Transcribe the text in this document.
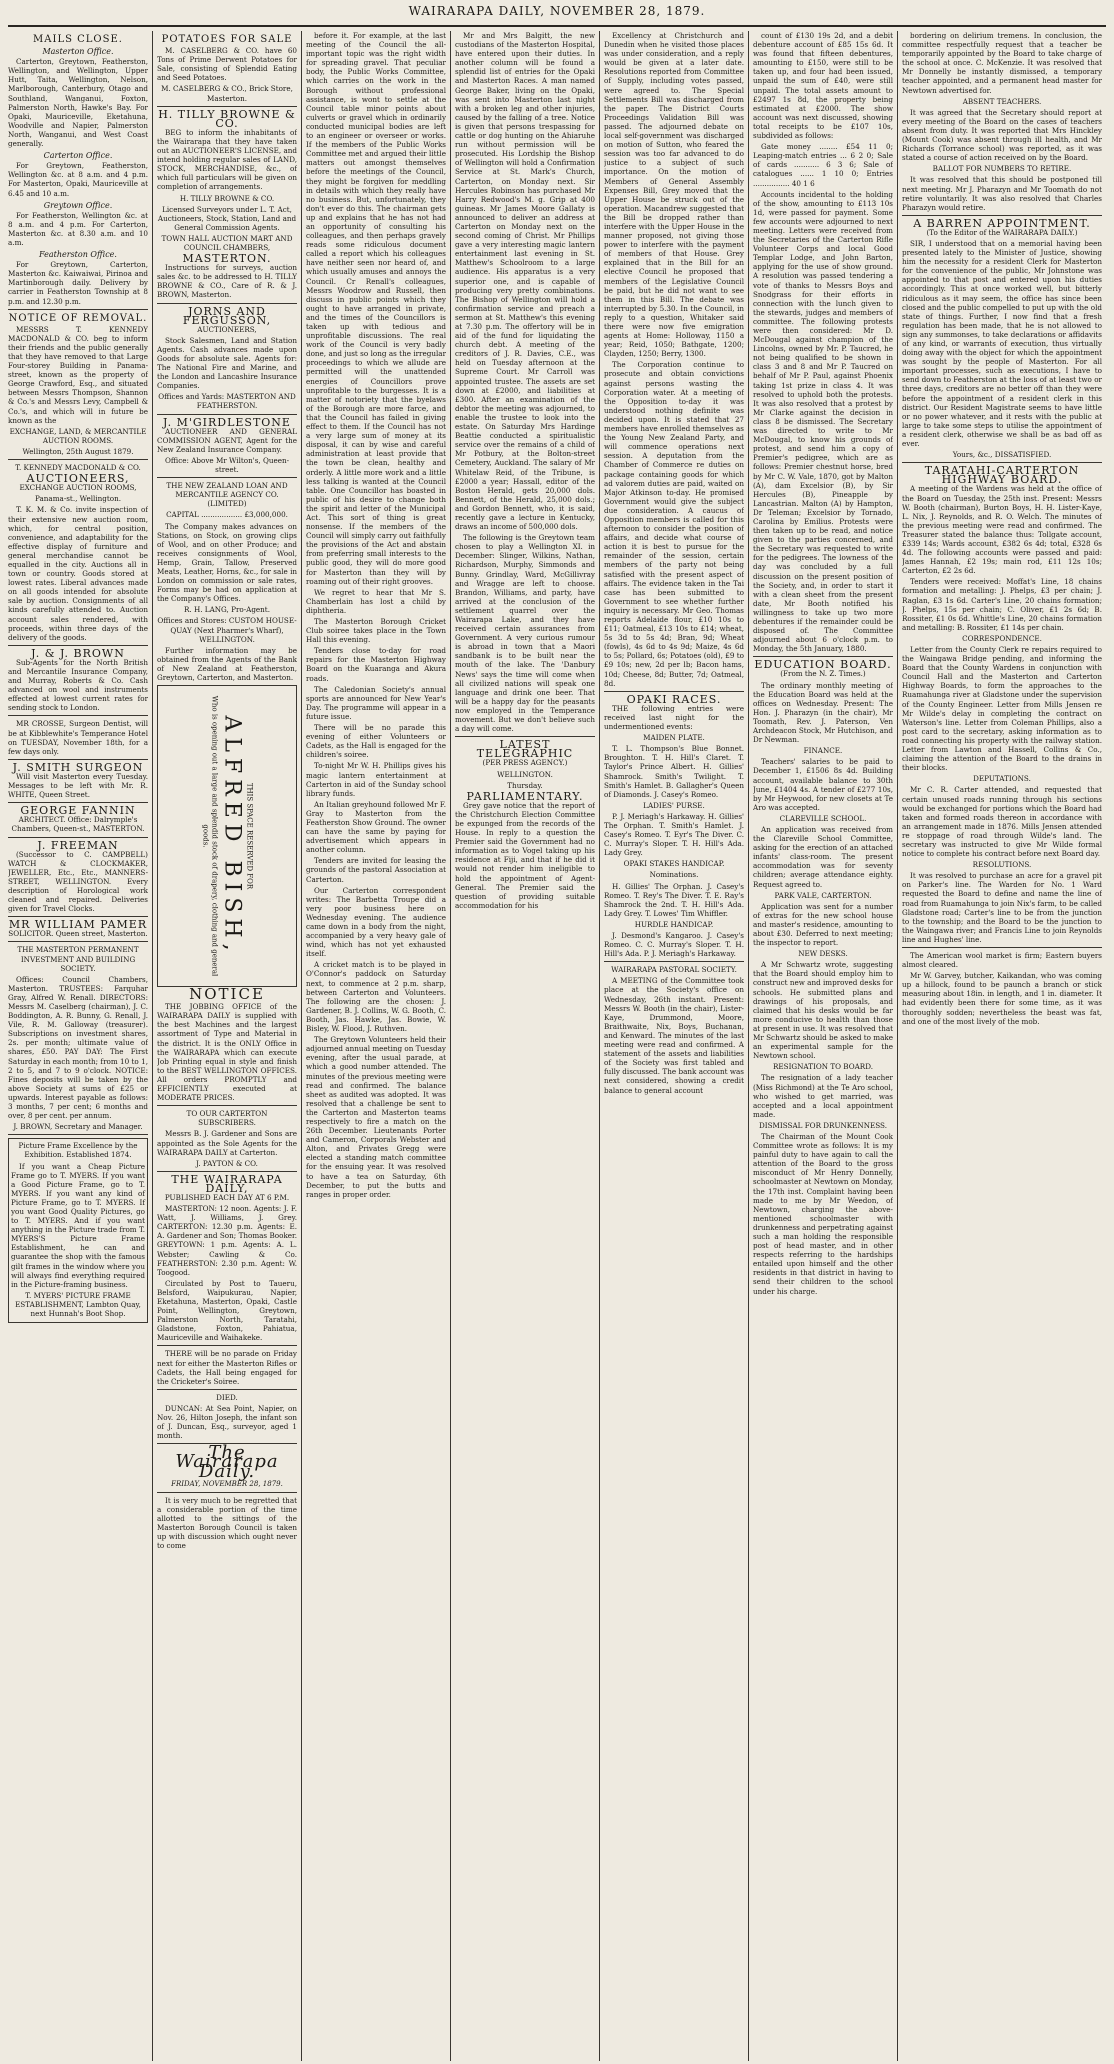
WAIRARAPA DAILY, NOVEMBER 28, 1879.
MAILS CLOSE.
Masterton Office.

Carterton, Greytown, Featherston, Wellington, and Wellington, Upper Hutt, Taita, Wellington, Nelson, Marlborough, Canterbury, Otago and Southland, Wanganui, Foxton, Palmerston North, Hawke's Bay. For Opaki, Mauriceville, Eketahuna, Woodville and Napier, Palmerston North, Wanganui, and West Coast generally.

Carterton Office.

For Greytown, Featherston, Wellington &c. at 8 a.m. and 4 p.m. For Masterton, Opaki, Mauriceville at 6.45 and 10 a.m.

Greytown Office.

For Featherston, Wellington &c. at 8 a.m. and 4 p.m. For Carterton, Masterton &c. at 8.30 a.m. and 10 a.m.

Featherston Office.

For Greytown, Carterton, Masterton &c. Kaiwaiwai, Pirinoa and Martinborough daily. Delivery by carrier in Featherston Township at 8 p.m. and 12.30 p.m.

NOTICE OF REMOVAL.

MESSRS T. KENNEDY MACDONALD & CO. beg to inform their friends and the public generally that they have removed to that Large Four-storey Building in Panama-street, known as the property of George Crawford, Esq., and situated between Messrs Thompson, Shannon & Co.'s and Messrs Levy, Campbell & Co.'s, and which will in future be known as the

EXCHANGE, LAND, & MERCANTILE AUCTION ROOMS.

Wellington, 25th August 1879.

T. KENNEDY MACDONALD & CO.

AUCTIONEERS,

EXCHANGE AUCTION ROOMS,

Panama-st., Wellington.

T. K. M. & Co. invite inspection of their extensive new auction room, which, for central position, convenience, and adaptability for the effective display of furniture and general merchandise cannot be equalled in the city. Auctions all in town or country. Goods stored at lowest rates. Liberal advances made on all goods intended for absolute sale by auction. Consignments of all kinds carefully attended to. Auction account sales rendered, with proceeds, within three days of the delivery of the goods.

J. & J. BROWN

Sub-Agents for the North British and Mercantile Insurance Company, and Murray, Roberts & Co. Cash advanced on wool and instruments effected at lowest current rates for sending stock to London.

MR CROSSE, Surgeon Dentist, will be at Kibblewhite's Temperance Hotel on TUESDAY, November 18th, for a few days only.

J. SMITH SURGEON

Will visit Masterton every Tuesday. Messages to be left with Mr. R. WHITE, Queen Street.

GEORGE FANNIN

ARCHITECT. Office: Dalrymple's Chambers, Queen-st., MASTERTON.

J. FREEMAN

(Successor to C. CAMPBELL) WATCH & CLOCKMAKER, JEWELLER, Etc., Etc., MANNERS-STREET, WELLINGTON. Every description of Horological work cleaned and repaired. Deliveries given for Travel Clocks.

MR WILLIAM PAMER

SOLICITOR. Queen street, Masterton.

THE MASTERTON PERMANENT INVESTMENT AND BUILDING SOCIETY.

Offices: Council Chambers, Masterton. TRUSTEES: Farquhar Gray, Alfred W. Renall. DIRECTORS: Messrs M. Caselberg (chairman), J. C. Boddington, A. R. Bunny, G. Renall, J. Vile, R. M. Galloway (treasurer). Subscriptions on investment shares, 2s. per month; ultimate value of shares, £50. PAY DAY: The First Saturday in each month; from 10 to 1, 2 to 5, and 7 to 9 o'clock. NOTICE: Fines deposits will be taken by the above Society at sums of £25 or upwards. Interest payable as follows: 3 months, 7 per cent; 6 months and over, 8 per cent. per annum.

J. BROWN, Secretary and Manager.

Picture Frame Excellence by the Exhibition. Established 1874.

If you want a Cheap Picture Frame go to T. MYERS. If you want a Good Picture Frame, go to T. MYERS. If you want any kind of Picture Frame, go to T. MYERS. If you want Good Quality Pictures, go to T. MYERS. And if you want anything in the Picture trade from T. MYERS'S Picture Frame Establishment, he can and guarantee the shop with the famous gilt frames in the window where you will always find everything required in the Picture-framing business.

T. MYERS' PICTURE FRAME ESTABLISHMENT, Lambton Quay, next Hunnah's Boot Shop.

POTATOES FOR SALE

M. CASELBERG & CO. have 60 Tons of Prime Derwent Potatoes for Sale, consisting of Splendid Eating and Seed Potatoes.

M. CASELBERG & CO., Brick Store, Masterton.

H. TILLY BROWNE & CO.

BEG to inform the inhabitants of the Wairarapa that they have taken out an AUCTIONEER'S LICENSE, and intend holding regular sales of LAND, STOCK, MERCHANDISE, &c., of which full particulars will be given on completion of arrangements.

H. TILLY BROWNE & CO.

Licensed Surveyors under L. T. Act, Auctioneers, Stock, Station, Land and General Commission Agents.

TOWN HALL AUCTION MART AND COUNCIL CHAMBERS,

MASTERTON.

Instructions for surveys, auction sales &c. to be addressed to H. TILLY BROWNE & CO., Care of R. & J. BROWN, Masterton.

JORNS AND FERGUSSON,

AUCTIONEERS,

Stock Salesmen, Land and Station Agents. Cash advances made upon Goods for absolute sale. Agents for: The National Fire and Marine, and the London and Lancashire Insurance Companies.

Offices and Yards: MASTERTON AND FEATHERSTON.

J. M'GIRDLESTONE

AUCTIONEER AND GENERAL COMMISSION AGENT, Agent for the New Zealand Insurance Company.

Office: Above Mr Wilton's, Queen-street.

THE NEW ZEALAND LOAN AND MERCANTILE AGENCY CO. (LIMITED)

CAPITAL .................. £3,000,000.

The Company makes advances on Stations, on Stock, on growing clips of Wool, and on other Produce; and receives consignments of Wool, Hemp, Grain, Tallow, Preserved Meats, Leather, Horns, &c., for sale in London on commission or sale rates, Forms may be had on application at the Company's Offices.

R. H. LANG, Pro-Agent.

Offices and Stores: CUSTOM HOUSE-QUAY (Next Pharmer's Wharf), WELLINGTON.

Further information may be obtained from the Agents of the Bank of New Zealand at Featherston, Greytown, Carterton, and Masterton.

THIS SPACE RESERVED FOR
ALFRED BISH,
Who is opening out a large and splendid stock of drapery, clothing and general goods.
NOTICE

THE JOBBING OFFICE of the WAIRARAPA DAILY is supplied with the best Machines and the largest assortment of Type and Material in the district. It is the ONLY Office in the WAIRARAPA which can execute Job Printing equal in style and finish to the BEST WELLINGTON OFFICES. All orders PROMPTLY and EFFICIENTLY executed at MODERATE PRICES.

TO OUR CARTERTON SUBSCRIBERS.

Messrs B. J. Gardener and Sons are appointed as the Sole Agents for the WAIRARAPA DAILY at Carterton.

J. PAYTON & CO.

THE WAIRARAPA DAILY,

PUBLISHED EACH DAY AT 6 P.M.

MASTERTON: 12 noon. Agents: J. F. Watt, J. Williams, J. Grey. CARTERTON: 12.30 p.m. Agents: E. A. Gardener and Son; Thomas Booker. GREYTOWN: 1 p.m. Agents: A. L. Webster; Cawling & Co. FEATHERSTON: 2.30 p.m. Agent: W. Toogood.

Circulated by Post to Taueru, Belsford, Waipukurau, Napier, Eketahuna, Masterton, Opaki, Castle Point, Wellington, Greytown, Palmerston North, Taratahi, Gladstone, Foxton, Pahiatua, Mauriceville and Waihakeke.

THERE will be no parade on Friday next for either the Masterton Rifles or Cadets, the Hall being engaged for the Cricketer's Soiree.

DIED.

DUNCAN: At Sea Point, Napier, on Nov. 26, Hilton Joseph, the infant son of J. Duncan, Esq., surveyor, aged 1 month.

The Wairarapa Daily.
FRIDAY, NOVEMBER 28, 1879.

It is very much to be regretted that a considerable portion of the time allotted to the sittings of the Masterton Borough Council is taken up with discussion which ought never to come

before it. For example, at the last meeting of the Council the all-important topic was the right width for spreading gravel. That peculiar body, the Public Works Committee, which carries on the work in the Borough without professional assistance, is wont to settle at the Council table minor points about culverts or gravel which in ordinarily conducted municipal bodies are left to an engineer or overseer or works. If the members of the Public Works Committee met and argued their little matters out amongst themselves before the meetings of the Council, they might be forgiven for meddling in details with which they really have no business. But, unfortunately, they don't ever do this. The chairman gets up and explains that he has not had an opportunity of consulting his colleagues, and then perhaps gravely reads some ridiculous document called a report which his colleagues have neither seen nor heard of, and which usually amuses and annoys the Council. Cr Renall's colleagues, Messrs Woodrow and Russell, then discuss in public points which they ought to have arranged in private, and the times of the Councillors is taken up with tedious and unprofitable discussions. The real work of the Council is very badly done, and just so long as the irregular proceedings to which we allude are permitted will the unattended energies of Councillors prove unprofitable to the burgesses. It is a matter of notoriety that the byelaws of the Borough are more farce, and that the Council has failed in giving effect to them. If the Council has not a very large sum of money at its disposal, it can by wise and careful administration at least provide that the town be clean, healthy and orderly. A little more work and a little less talking is wanted at the Council table. One Councillor has boasted in public of his desire to change both the spirit and letter of the Municipal Act. This sort of thing is great nonsense. If the members of the Council will simply carry out faithfully the provisions of the Act and abstain from preferring small interests to the public good, they will do more good for Masterton than they will by roaming out of their right grooves.

We regret to hear that Mr S. Chamberlain has lost a child by diphtheria.

The Masterton Borough Cricket Club soiree takes place in the Town Hall this evening.

Tenders close to-day for road repairs for the Masterton Highway Board on the Kuaranga and Akura roads.

The Caledonian Society's annual sports are announced for New Year's Day. The programme will appear in a future issue.

There will be no parade this evening of either Volunteers or Cadets, as the Hall is engaged for the children's soiree.

To-night Mr W. H. Phillips gives his magic lantern entertainment at Carterton in aid of the Sunday school library funds.

An Italian greyhound followed Mr F. Gray to Masterton from the Featherston Show Ground. The owner can have the same by paying for advertisement which appears in another column.

Tenders are invited for leasing the grounds of the pastoral Association at Carterton.

Our Carterton correspondent writes: The Barbetta Troupe did a very poor business here on Wednesday evening. The audience came down in a body from the night, accompanied by a very heavy gale of wind, which has not yet exhausted itself.

A cricket match is to be played in O'Connor's paddock on Saturday next, to commence at 2 p.m. sharp, between Carterton and Volunteers. The following are the chosen: J. Gardener, B. J. Collins, W. G. Booth, C. Booth, Jas. Hawke, Jas. Bowie, W. Bisley, W. Flood, J. Ruthven.

The Greytown Volunteers held their adjourned annual meeting on Tuesday evening, after the usual parade, at which a good number attended. The minutes of the previous meeting were read and confirmed. The balance sheet as audited was adopted. It was resolved that a challenge be sent to the Carterton and Masterton teams respectively to fire a match on the 26th December. Lieutenants Porter and Cameron, Corporals Webster and Alton, and Privates Gregg were elected a standing match committee for the ensuing year. It was resolved to have a tea on Saturday, 6th December, to put the butts and ranges in proper order.

Mr and Mrs Balgitt, the new custodians of the Masterton Hospital, have entered upon their duties. In another column will be found a splendid list of entries for the Opaki and Masterton Races. A man named George Baker, living on the Opaki, was sent into Masterton last night with a broken leg and other injuries, caused by the falling of a tree. Notice is given that persons trespassing for cattle or dog hunting on the Ahiaruhe run without permission will be prosecuted. His Lordship the Bishop of Wellington will hold a Confirmation Service at St. Mark's Church, Carterton, on Monday next. Sir Hercules Robinson has purchased Mr Harry Redwood's M. g. Grip at 400 guineas. Mr James Moore Gallaty is announced to deliver an address at Carterton on Monday next on the second coming of Christ. Mr Phillips gave a very interesting magic lantern entertainment last evening in St. Matthew's Schoolroom to a large audience. His apparatus is a very superior one, and is capable of producing very pretty combinations. The Bishop of Wellington will hold a confirmation service and preach a sermon at St. Matthew's this evening at 7.30 p.m. The offertory will be in aid of the fund for liquidating the church debt. A meeting of the creditors of J. R. Davies, C.E., was held on Tuesday afternoon at the Supreme Court. Mr Carroll was appointed trustee. The assets are set down at £2000, and liabilities at £300. After an examination of the debtor the meeting was adjourned, to enable the trustee to look into the estate. On Saturday Mrs Hardinge Beattie conducted a spiritualistic service over the remains of a child of Mr Potbury, at the Bolton-street Cemetery, Auckland. The salary of Mr Whitelaw Reid, of the Tribune, is £2000 a year; Hassall, editor of the Boston Herald, gets 20,000 dols. Bennett, of the Herald, 25,000 dols.; and Gordon Bennett, who, it is said, recently gave a lecture in Kentucky, draws an income of 500,000 dols.

The following is the Greytown team chosen to play a Wellington XI. in December: Slinger, Wilkins, Nathan, Richardson, Murphy, Simmonds and Bunny. Grindlay, Ward, McGillivray and Wragge are left to choose. Brandon, Williams, and party, have arrived at the conclusion of the settlement quarrel over the Wairarapa Lake, and they have received certain assurances from Government. A very curious rumour is abroad in town that a Maori sandbank is to be built near the mouth of the lake. The 'Danbury News' says the time will come when all civilized nations will speak one language and drink one beer. That will be a happy day for the peasants now employed in the Temperance movement. But we don't believe such a day will come.

LATEST TELEGRAPHIC

(PER PRESS AGENCY.)

WELLINGTON.

Thursday.

PARLIAMENTARY.

Grey gave notice that the report of the Christchurch Election Committee be expunged from the records of the House. In reply to a question the Premier said the Government had no information as to Vogel taking up his residence at Fiji, and that if he did it would not render him ineligible to hold the appointment of Agent-General. The Premier said the question of providing suitable accommodation for his

Excellency at Christchurch and Dunedin when he visited those places was under consideration, and a reply would be given at a later date. Resolutions reported from Committee of Supply, including votes passed, were agreed to. The Special Settlements Bill was discharged from the paper. The District Courts Proceedings Validation Bill was passed. The adjourned debate on local self-government was discharged on motion of Sutton, who feared the session was too far advanced to do justice to a subject of such importance. On the motion of Members of General Assembly Expenses Bill, Grey moved that the Upper House be struck out of the operation. Macandrew suggested that the Bill be dropped rather than interfere with the Upper House in the manner proposed, not giving those power to interfere with the payment of members of that House. Grey explained that in the Bill for an elective Council he proposed that members of the Legislative Council be paid, but he did not want to see them in this Bill. The debate was interrupted by 5.30. In the Council, in reply to a question, Whitaker said there were now five emigration agents at Home: Holloway, 1150 a year; Reid, 1050; Bathgate, 1200; Clayden, 1250; Berry, 1300.

The Corporation continue to prosecute and obtain convictions against persons wasting the Corporation water. At a meeting of the Opposition to-day it was understood nothing definite was decided upon. It is stated that 27 members have enrolled themselves as the Young New Zealand Party, and will commence operations next session. A deputation from the Chamber of Commerce re duties on package containing goods for which ad valorem duties are paid, waited on Major Atkinson to-day. He promised Government would give the subject due consideration. A caucus of Opposition members is called for this afternoon to consider the position of affairs, and decide what course of action it is best to pursue for the remainder of the session, certain members of the party not being satisfied with the present aspect of affairs. The evidence taken in the Tai case has been submitted to Government to see whether further inquiry is necessary. Mr Geo. Thomas reports Adelaide flour, £10 10s to £11; Oatmeal, £13 10s to £14; wheat, 5s 3d to 5s 4d; Bran, 9d; Wheat (fowls), 4s 6d to 4s 9d; Maize, 4s 6d to 5s; Pollard, 6s; Potatoes (old), £9 to £9 10s; new, 2d per lb; Bacon hams, 10d; Cheese, 8d; Butter, 7d; Oatmeal, 8d.

OPAKI RACES.

THE following entries were received last night for the undermentioned events:

MAIDEN PLATE.

T. L. Thompson's Blue Bonnet. Broughton. T. H. Hill's Claret. T. Taylor's Prince Albert. H. Gillies' Shamrock. Smith's Twilight. T. Smith's Hamlet. B. Gallagher's Queen of Diamonds. J. Casey's Romeo.

LADIES' PURSE.

P. J. Meriagh's Harkaway. H. Gillies' The Orphan. T. Smith's Hamlet. J. Casey's Romeo. T. Eyr's The Diver. C. C. Murray's Sloper. T. H. Hill's Ada. Lady Grey.

OPAKI STAKES HANDICAP.

Nominations.

H. Gillies' The Orphan. J. Casey's Romeo. T. Rey's The Diver. T. E. Ray's Shamrock the 2nd. T. H. Hill's Ada. Lady Grey. T. Lowes' Tim Whiffler.

HURDLE HANDICAP.

J. Desmond's Kangaroo. J. Casey's Romeo. C. C. Murray's Sloper. T. H. Hill's Ada. P. J. Meriagh's Harkaway.

WAIRARAPA PASTORAL SOCIETY.

A MEETING of the Committee took place at the Society's office on Wednesday, 26th instant. Present: Messrs W. Booth (in the chair), Lister-Kaye, Drummond, Moore, Braithwaite, Nix, Boys, Buchanan, and Kenward. The minutes of the last meeting were read and confirmed. A statement of the assets and liabilities of the Society was first tabled and fully discussed. The bank account was next considered, showing a credit balance to general account

count of £130 19s 2d, and a debit debenture account of £85 15s 6d. It was found that fifteen debentures, amounting to £150, were still to be taken up, and four had been issued, unpaid the sum of £40, were still unpaid. The total assets amount to £2497 1s 8d, the property being estimated at £2000. The show account was next discussed, showing total receipts to be £107 10s, subdivided as follows:

Gate money ........ £54 11 0; Leaping-match entries ... 6 2 0; Sale of cards ........... 6 3 6; Sale of catalogues ...... 1 10 0; Entries ................ 40 1 6

Accounts incidental to the holding of the show, amounting to £113 10s 1d, were passed for payment. Some few accounts were adjourned to next meeting. Letters were received from the Secretaries of the Carterton Rifle Volunteer Corps and local Good Templar Lodge, and John Barton, applying for the use of show ground. A resolution was passed tendering a vote of thanks to Messrs Boys and Snodgrass for their efforts in connection with the lunch given to the stewards, judges and members of committee. The following protests were then considered: Mr D. McDougal against champion of the Lincolns, owned by Mr. P. Taucred, he not being qualified to be shown in class 3 and 8 and Mr P. Taucred on behalf of Mr P. Paul, against Phoenix taking 1st prize in class 4. It was resolved to uphold both the protests. It was also resolved that a protest by Mr Clarke against the decision in class 8 be dismissed. The Secretary was directed to write to Mr McDougal, to know his grounds of protest, and send him a copy of Premier's pedigree, which are as follows: Premier chestnut horse, bred by Mr C. W. Vale, 1870, got by Malton (A), dam Excelsior (B), by Sir Hercules (B), Pineapple by Lancastrian. Malton (A) by Hampton, Dr Teleman; Excelsior by Tornado, Carolina by Emilius. Protests were then taken up to be read, and notice given to the parties concerned, and the Secretary was requested to write for the pedigrees. The lowness of the day was concluded by a full discussion on the present position of the Society, and, in order to start it with a clean sheet from the present date, Mr Booth notified his willingness to take up two more debentures if the remainder could be disposed of. The Committee adjourned about 6 o'clock p.m. to Monday, the 5th January, 1880.

EDUCATION BOARD.

(From the N. Z. Times.)

The ordinary monthly meeting of the Education Board was held at the offices on Wednesday. Present: The Hon. J. Pharazyn (in the chair), Mr Toomath, Rev. J. Paterson, Ven Archdeacon Stock, Mr Hutchison, and Dr Newman.

FINANCE.

Teachers' salaries to be paid to December 1, £1506 8s 4d. Building account, available balance to 30th June, £1404 4s. A tender of £277 10s, by Mr Heywood, for new closets at Te Aro was accepted.

CLAREVILLE SCHOOL.

An application was received from the Clareville School Committee, asking for the erection of an attached infants' class-room. The present accommodation was for seventy children; average attendance eighty. Request agreed to.

PARK VALE, CARTERTON.

Application was sent for a number of extras for the new school house and master's residence, amounting to about £30. Deferred to next meeting; the inspector to report.

NEW DESKS.

A Mr Schwartz wrote, suggesting that the Board should employ him to construct new and improved desks for schools. He submitted plans and drawings of his proposals, and claimed that his desks would be far more conducive to health than those at present in use. It was resolved that Mr Schwartz should be asked to make an experimental sample for the Newtown school.

RESIGNATION TO BOARD.

The resignation of a lady teacher (Miss Richmond) at the Te Aro school, who wished to get married, was accepted and a local appointment made.

DISMISSAL FOR DRUNKENNESS.

The Chairman of the Mount Cook Committee wrote as follows: It is my painful duty to have again to call the attention of the Board to the gross misconduct of Mr Henry Donnelly, schoolmaster at Newtown on Monday, the 17th inst. Complaint having been made to me by Mr Weedon, of Newtown, charging the above-mentioned schoolmaster with drunkenness and perpetrating against such a man holding the responsible post of head master, and in other respects referring to the hardships entailed upon himself and the other residents in that district in having to send their children to the school under his charge.

bordering on delirium tremens. In conclusion, the committee respectfully request that a teacher be temporarily appointed by the Board to take charge of the school at once. C. McKenzie. It was resolved that Mr Donnelly be instantly dismissed, a temporary teacher appointed, and a permanent head master for Newtown advertised for.

ABSENT TEACHERS.

It was agreed that the Secretary should report at every meeting of the Board on the cases of teachers absent from duty. It was reported that Mrs Hinckley (Mount Cook) was absent through ill health, and Mr Richards (Torrance school) was reported, as it was stated a course of action received on by the Board.

BALLOT FOR NUMBERS TO RETIRE.

It was resolved that this should be postponed till next meeting. Mr J. Pharazyn and Mr Toomath do not retire voluntarily. It was also resolved that Charles Pharazyn would retire.

A BARREN APPOINTMENT.

(To the Editor of the WAIRARAPA DAILY.)

SIR, I understood that on a memorial having been presented lately to the Minister of Justice, showing him the necessity for a resident Clerk for Masterton for the convenience of the public, Mr Johnstone was appointed to that post and entered upon his duties accordingly. This at once worked well, but bitterly ridiculous as it may seem, the office has since been closed and the public compelled to put up with the old state of things. Further, I now find that a fresh regulation has been made, that he is not allowed to sign any summonses, to take declarations or affidavits of any kind, or warrants of execution, thus virtually doing away with the object for which the appointment was sought by the people of Masterton. For all important processes, such as executions, I have to send down to Featherston at the loss of at least two or three days, creditors are no better off than they were before the appointment of a resident clerk in this district. Our Resident Magistrate seems to have little or no power whatever, and it rests with the public at large to take some steps to utilise the appointment of a resident clerk, otherwise we shall be as bad off as ever.

Yours, &c., DISSATISFIED.

TARATAHI-CARTERTON HIGHWAY BOARD.

A meeting of the Wardens was held at the office of the Board on Tuesday, the 25th inst. Present: Messrs W. Booth (chairman), Burton Boys, H. H. Lister-Kaye, L. Nix, J. Reynolds, and R. O. Welch. The minutes of the previous meeting were read and confirmed. The Treasurer stated the balance thus: Tollgate account, £339 14s; Wards account, £382 6s 4d; total, £328 6s 4d. The following accounts were passed and paid: James Hannah, £2 19s; main rod, £11 12s 10s; Carterton, £2 2s 6d.

Tenders were received: Moffat's Line, 18 chains formation and metalling: J. Phelps, £3 per chain; J. Raglan, £3 1s 6d. Carter's Line, 20 chains formation; J. Phelps, 15s per chain; C. Oliver, £1 2s 6d; B. Rossiter, £1 0s 6d. Whittle's Line, 20 chains formation and metalling: B. Rossiter, £1 14s per chain.

CORRESPONDENCE.

Letter from the County Clerk re repairs required to the Waingawa Bridge pending, and informing the Board that the County Wardens in conjunction with Council Hall and the Masterton and Carterton Highway Boards, to form the approaches to the Ruamahunga river at Gladstone under the supervision of the County Engineer. Letter from Mills Jensen re Mr Wilde's delay in completing the contract on Waterson's line. Letter from Coleman Phillips, also a post card to the secretary, asking information as to road connecting his property with the railway station. Letter from Lawton and Hassell, Collins & Co., claiming the attention of the Board to the drains in their blocks.

DEPUTATIONS.

Mr C. R. Carter attended, and requested that certain unused roads running through his sections would be exchanged for portions which the Board had taken and formed roads thereon in accordance with an arrangement made in 1876. Mills Jensen attended re stoppage of road through Wilde's land. The secretary was instructed to give Mr Wilde formal notice to complete his contract before next Board day.

RESOLUTIONS.

It was resolved to purchase an acre for a gravel pit on Parker's line. The Warden for No. 1 Ward requested the Board to define and name the line of road from Ruamahunga to join Nix's farm, to be called Gladstone road; Carter's line to be from the junction to the township; and the Board to be the junction to the Waingawa river; and Francis Line to join Reynolds line and Hughes' line.

The American wool market is firm; Eastern buyers almost cleared.

Mr W. Garvey, butcher, Kaikandan, who was coming up a hillock, found to be paunch a branch or stick measuring about 18in. in length, and 1 in. diameter. It had evidently been there for some time, as it was thoroughly sodden; nevertheless the beast was fat, and one of the most lively of the mob.
